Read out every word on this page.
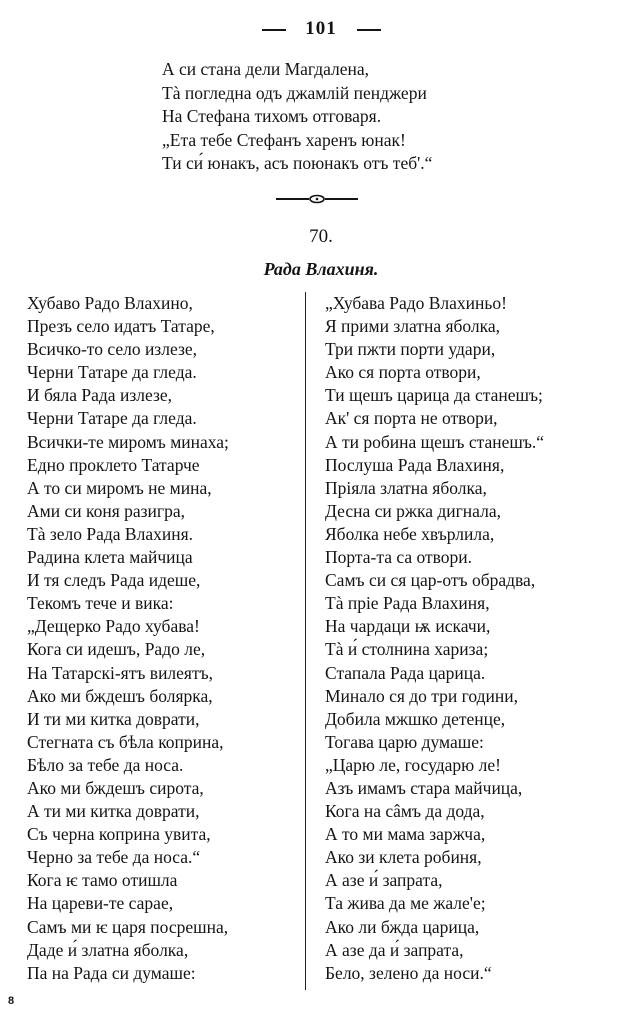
101
А си стана дели Магдалена,
Тà погледна одъ джамлій пенджери
На Стефана тихомъ отговаря.
„Ета тебе Стефанъ харенъ юнак!
Ти си́ юнакъ, асъ поюнакъ отъ теб'.“
70.
Рада Влахиня.
Хубаво Радо Влахино,
Презъ село идатъ Татаре,
Всичко-то село излезе,
Черни Татаре да гледа.
И бяла Рада излезе,
Черни Татаре да гледа.
Всички-те миромъ минаха;
Едно проклето Татарче
А то си миромъ не мина,
Ами си коня разигра,
Тà зело Рада Влахиня.
Радина клета майчица
И тя следъ Рада идеше,
Текомъ тече и вика:
„Дещерко Радо хубава!
Кога си идешъ, Радо ле,
На Татарскі-ятъ вилеятъ,
Ако ми бждешъ болярка,
И ти ми китка доврати,
Стегната съ бѣла коприна,
Бѣло за тебе да носа.
Ако ми бждешъ сирота,
А ти ми китка доврати,
Съ черна коприна увита,
Черно за тебе да носа.“
Кога ѥ тамо отишла
На цареви-те сарае,
Самъ ми ѥ царя посрешна,
Даде и́ златна яболка,
Па на Рада си думаше:
„Хубава Радо Влахиньо!
Я прими златна яболка,
Три пжти порти удари,
Ако ся порта отвори,
Ти щешъ царица да станешъ;
Ак' ся порта не отвори,
А ти робина щешъ станешъ.“
Послуша Рада Влахиня,
Пріяла златна яболка,
Десна си ржка дигнала,
Яболка небе хвърлила,
Порта-та са отвори.
Самъ си ся цар-отъ обрадва,
Тà пріе Рада Влахиня,
На чардаци ѭ искачи,
Тà и́ столнина харизa;
Стапала Рада царица.
Минало ся до три години,
Добила мжшко детенце,
Тогава царю думаше:
„Царю ле, государю ле!
Азъ имамъ стара майчица,
Кога на сâмъ да дода,
А то ми мама заржча,
Ако зи клета робиня,
А азе и́ запрата,
Та жива да ме жале'е;
Ако ли бжда царица,
А азе да и́ запрата,
Бело, зелено да носи.“
8
